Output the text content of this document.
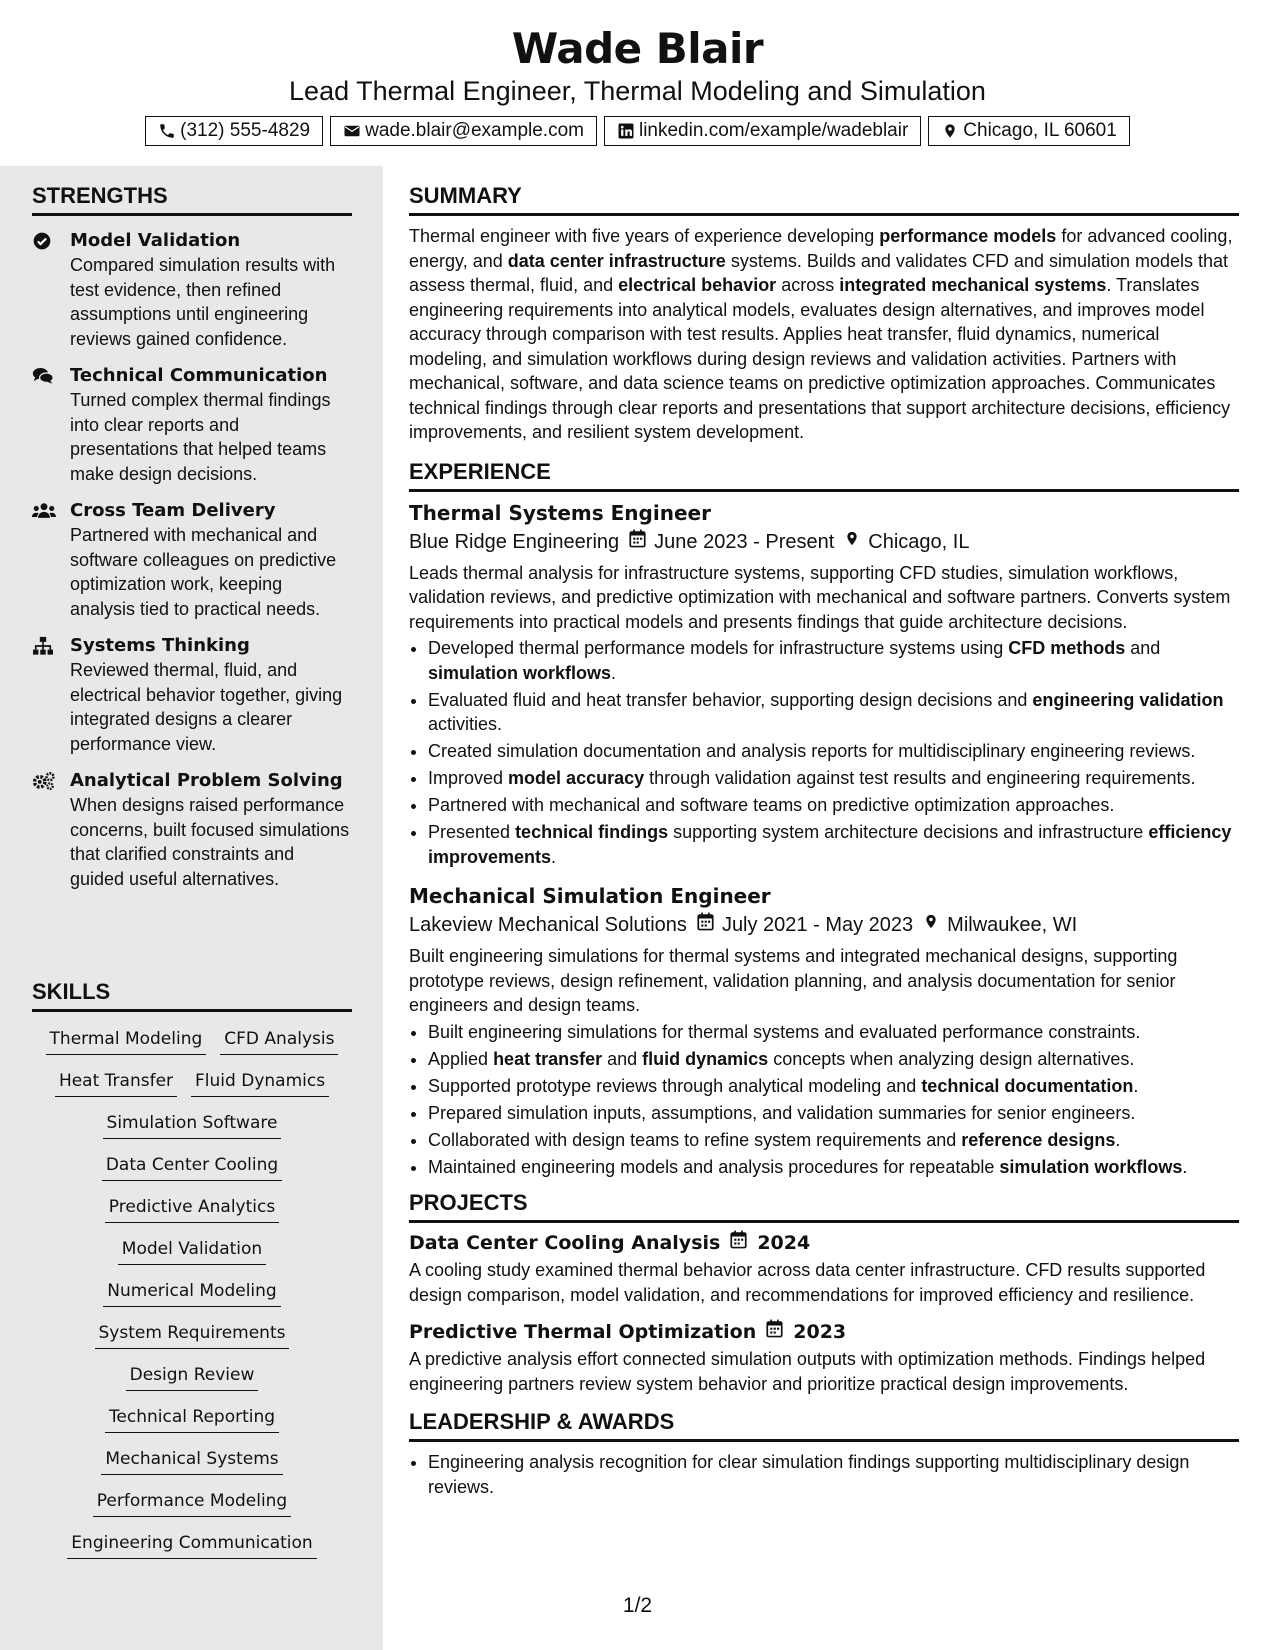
Wade Blair
Lead Thermal Engineer, Thermal Modeling and Simulation
(312) 555-4829	wade.blair@example.com	linkedin.com/example/wadeblair	Chicago, IL 60601
STRENGTHS
Model Validation
Compared simulation results with test evidence, then refined assumptions until engineering reviews gained confidence.
Technical Communication
Turned complex thermal findings into clear reports and presentations that helped teams make design decisions.
Cross Team Delivery
Partnered with mechanical and software colleagues on predictive optimization work, keeping analysis tied to practical needs.
Systems Thinking
Reviewed thermal, fluid, and electrical behavior together, giving integrated designs a clearer performance view.
Analytical Problem Solving
When designs raised performance concerns, built focused simulations that clarified constraints and guided useful alternatives.
SKILLS
Thermal Modeling CFD Analysis
Heat Transfer Fluid Dynamics
Simulation Software
Data Center Cooling
Predictive Analytics
Model Validation
Numerical Modeling
System Requirements
Design Review
Technical Reporting
Mechanical Systems
Performance Modeling
Engineering Communication
SUMMARY

Thermal engineer with five years of experience developing performance models for advanced cooling, energy, and data center infrastructure systems. Builds and validates CFD and simulation models that assess thermal, fluid, and electrical behavior across integrated mechanical systems. Translates engineering requirements into analytical models, evaluates design alternatives, and improves model accuracy through comparison with test results. Applies heat transfer, fluid dynamics, numerical modeling, and simulation workflows during design reviews and validation activities. Partners with mechanical, software, and data science teams on predictive optimization approaches. Communicates technical findings through clear reports and presentations that support architecture decisions, efficiency improvements, and resilient system development.

EXPERIENCE
Thermal Systems Engineer
Blue Ridge Engineering June 2023 - Present Chicago, IL

Leads thermal analysis for infrastructure systems, supporting CFD studies, simulation workflows, validation reviews, and predictive optimization with mechanical and software partners. Converts system requirements into practical models and presents findings that guide architecture decisions.

• Developed thermal performance models for infrastructure systems using CFD methods and simulation workflows.
• Evaluated fluid and heat transfer behavior, supporting design decisions and engineering validation activities.
• Created simulation documentation and analysis reports for multidisciplinary engineering reviews.
• Improved model accuracy through validation against test results and engineering requirements.
• Partnered with mechanical and software teams on predictive optimization approaches.
• Presented technical findings supporting system architecture decisions and infrastructure efficiency improvements.
Mechanical Simulation Engineer
Lakeview Mechanical Solutions July 2021 - May 2023 Milwaukee, WI

Built engineering simulations for thermal systems and integrated mechanical designs, supporting prototype reviews, design refinement, validation planning, and analysis documentation for senior engineers and design teams.

• Built engineering simulations for thermal systems and evaluated performance constraints.
• Applied heat transfer and fluid dynamics concepts when analyzing design alternatives.
• Supported prototype reviews through analytical modeling and technical documentation.
• Prepared simulation inputs, assumptions, and validation summaries for senior engineers.
• Collaborated with design teams to refine system requirements and reference designs.
• Maintained engineering models and analysis procedures for repeatable simulation workflows.
PROJECTS
Data Center Cooling Analysis 2024

A cooling study examined thermal behavior across data center infrastructure. CFD results supported design comparison, model validation, and recommendations for improved efficiency and resilience.

Predictive Thermal Optimization 2023

A predictive analysis effort connected simulation outputs with optimization methods. Findings helped engineering partners review system behavior and prioritize practical design improvements.

LEADERSHIP & AWARDS
• Engineering analysis recognition for clear simulation findings supporting multidisciplinary design reviews.
1/2
